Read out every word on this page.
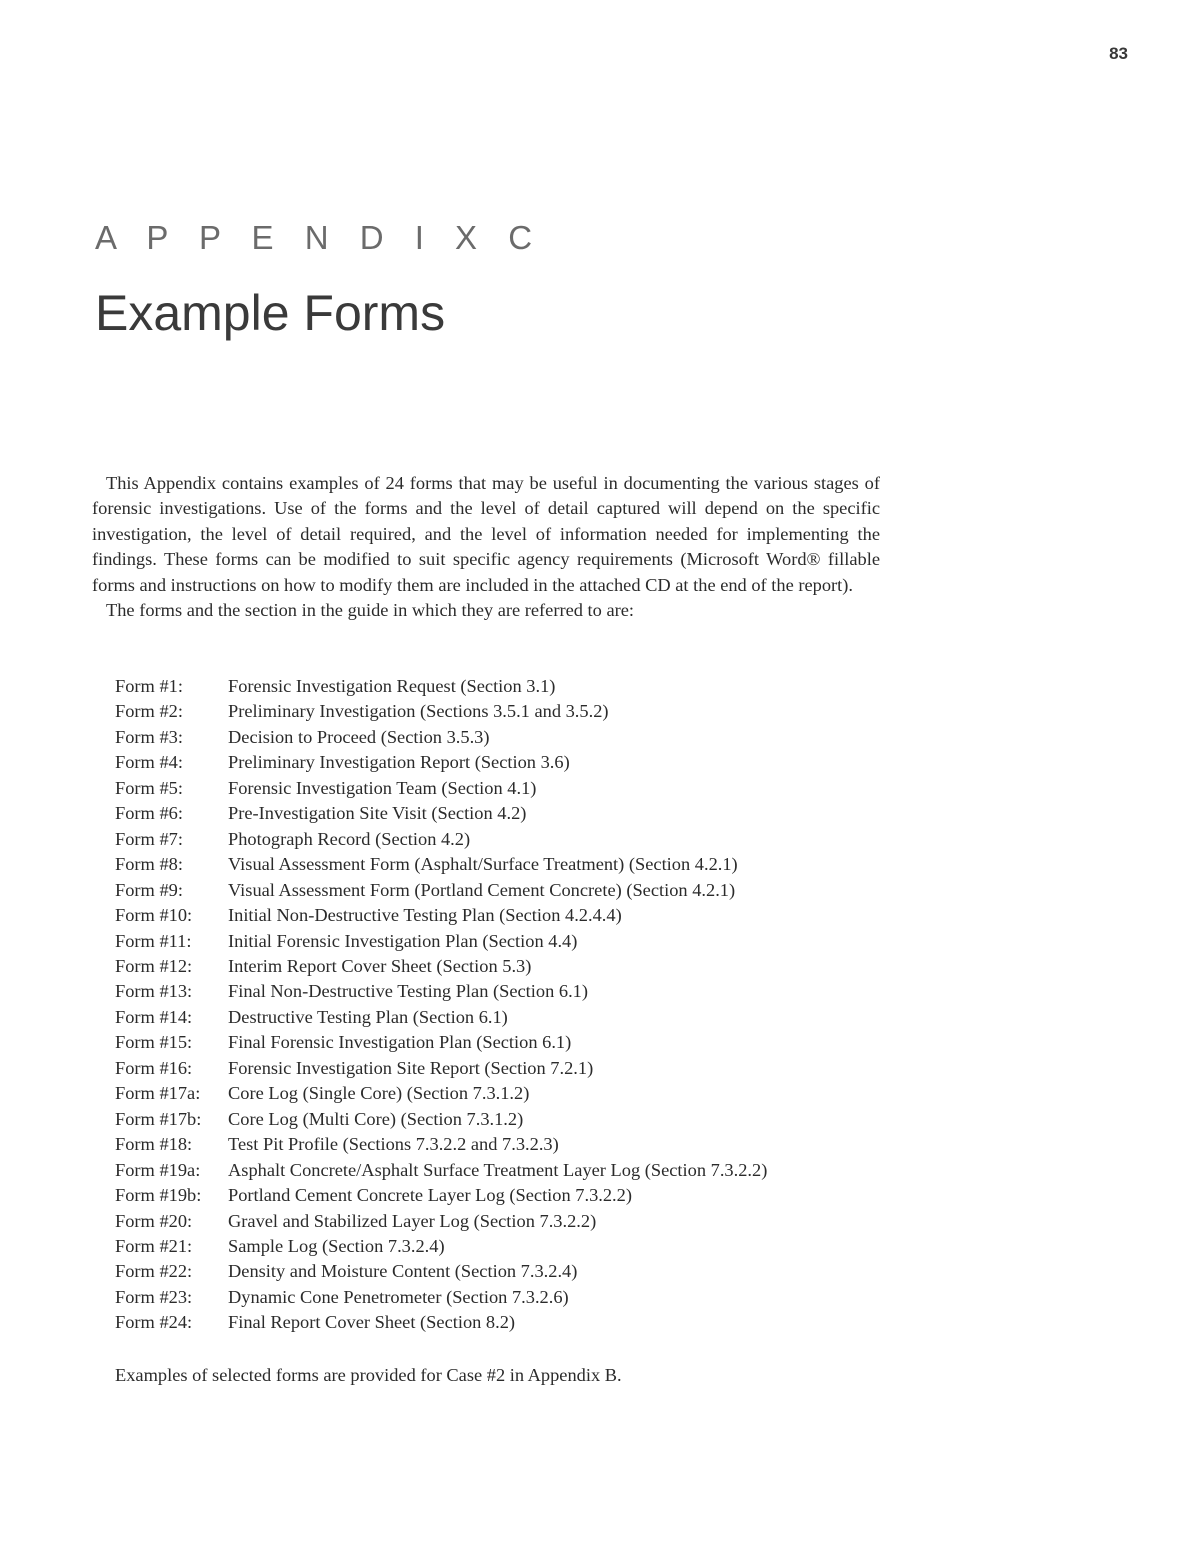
83
A P P E N D I X C
Example Forms

This Appendix contains examples of 24 forms that may be useful in documenting the various stages of forensic investigations. Use of the forms and the level of detail captured will depend on the specific investigation, the level of detail required, and the level of information needed for implementing the findings. These forms can be modified to suit specific agency requirements (Microsoft Word® fillable forms and instructions on how to modify them are included in the attached CD at the end of the report).

The forms and the section in the guide in which they are referred to are:

Form #1:	Forensic Investigation Request (Section 3.1)
Form #2:	Preliminary Investigation (Sections 3.5.1 and 3.5.2)
Form #3:	Decision to Proceed (Section 3.5.3)
Form #4:	Preliminary Investigation Report (Section 3.6)
Form #5:	Forensic Investigation Team (Section 4.1)
Form #6:	Pre-Investigation Site Visit (Section 4.2)
Form #7:	Photograph Record (Section 4.2)
Form #8:	Visual Assessment Form (Asphalt/Surface Treatment) (Section 4.2.1)
Form #9:	Visual Assessment Form (Portland Cement Concrete) (Section 4.2.1)
Form #10:	Initial Non-Destructive Testing Plan (Section 4.2.4.4)
Form #11:	Initial Forensic Investigation Plan (Section 4.4)
Form #12:	Interim Report Cover Sheet (Section 5.3)
Form #13:	Final Non-Destructive Testing Plan (Section 6.1)
Form #14:	Destructive Testing Plan (Section 6.1)
Form #15:	Final Forensic Investigation Plan (Section 6.1)
Form #16:	Forensic Investigation Site Report (Section 7.2.1)
Form #17a:	Core Log (Single Core) (Section 7.3.1.2)
Form #17b:	Core Log (Multi Core) (Section 7.3.1.2)
Form #18:	Test Pit Profile (Sections 7.3.2.2 and 7.3.2.3)
Form #19a:	Asphalt Concrete/Asphalt Surface Treatment Layer Log (Section 7.3.2.2)
Form #19b:	Portland Cement Concrete Layer Log (Section 7.3.2.2)
Form #20:	Gravel and Stabilized Layer Log (Section 7.3.2.2)
Form #21:	Sample Log (Section 7.3.2.4)
Form #22:	Density and Moisture Content (Section 7.3.2.4)
Form #23:	Dynamic Cone Penetrometer (Section 7.3.2.6)
Form #24:	Final Report Cover Sheet (Section 8.2)
Examples of selected forms are provided for Case #2 in Appendix B.
